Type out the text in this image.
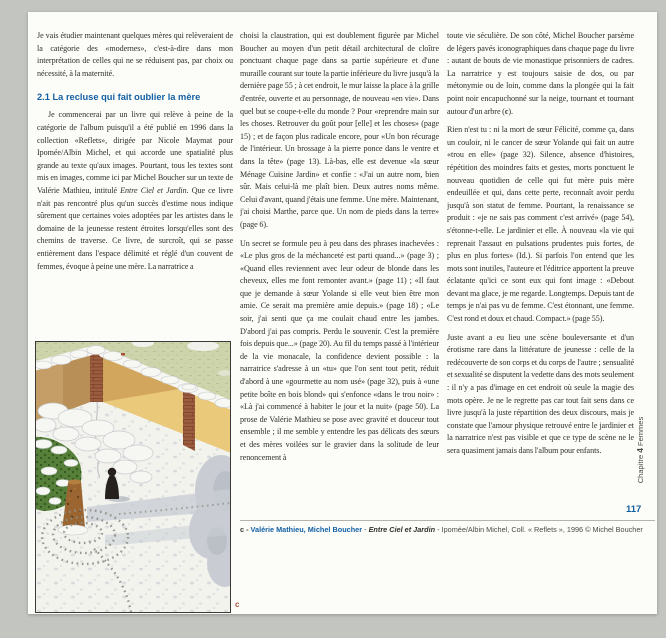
Je vais étudier maintenant quelques mères qui relèveraient de la catégorie des «modernes», c'est-à-dire dans mon interprétation de celles qui ne se réduisent pas, par choix ou nécessité, à la maternité.

2.1 La recluse qui fait oublier la mère

Je commencerai par un livre qui relève à peine de la catégorie de l'album puisqu'il a été publié en 1996 dans la collection «Reflets», dirigée par Nicole Maymat pour Ipomée/Albin Michel, et qui accorde une spatialité plus grande au texte qu'aux images. Pourtant, tous les textes sont mis en images, comme ici par Michel Boucher sur un texte de Valérie Mathieu, intitulé Entre Ciel et Jardin. Que ce livre n'ait pas rencontré plus qu'un succès d'estime nous indique sûrement que certaines voies adoptées par les artistes dans le domaine de la jeunesse restent étroites lorsqu'elles sont des chemins de traverse. Ce livre, de surcroît, qui se passe entièrement dans l'espace délimité et réglé d'un couvent de femmes, évoque à peine une mère. La narratrice a

choisi la claustration, qui est doublement figurée par Michel Boucher au moyen d'un petit détail architectural de cloître ponctuant chaque page dans sa partie supérieure et d'une muraille courant sur toute la partie inférieure du livre jusqu'à la dernière page 55 ; à cet endroit, le mur laisse la place à la grille d'entrée, ouverte et au personnage, de nouveau «en vie». Dans quel but se coupe-t-elle du monde ? Pour «reprendre main sur les choses. Retrouver du goût pour [elle] et les choses» (page 15) ; et de façon plus radicale encore, pour «Un bon récurage de l'intérieur. Un brossage à la pierre ponce dans le ventre et dans la tête» (page 13). Là-bas, elle est devenue «la sœur Ménage Cuisine Jardin» et confie : «J'ai un autre nom, bien sûr. Mais celui-là me plaît bien. Deux autres noms même. Celui d'avant, quand j'étais une femme. Une mère. Maintenant, j'ai choisi Marthe, parce que. Un nom de pieds dans la terre» (page 6).

Un secret se formule peu à peu dans des phrases inachevées : «Le plus gros de la méchanceté est parti quand...» (page 3) ; «Quand elles reviennent avec leur odeur de blonde dans les cheveux, elles me font remonter avant.» (page 11) ; «Il faut que je demande à sœur Yolande si elle veut bien être mon amie. Ce serait ma première amie depuis.» (page 18) ; «Le soir, j'ai senti que ça me coulait chaud entre les jambes. D'abord j'ai pas compris. Perdu le souvenir. C'est la première fois depuis que...» (page 20). Au fil du temps passé à l'intérieur de la vie monacale, la confidence devient possible : la narratrice s'adresse à un «tu» que l'on sent tout petit, réduit d'abord à une «gourmette au nom usé» (page 32), puis à «une petite boîte en bois blond» qui s'enfonce «dans le trou noir» : «Là j'ai commencé à habiter le jour et la nuit» (page 50). La prose de Valérie Mathieu se pose avec gravité et douceur tout ensemble ; il me semble y entendre les pas délicats des sœurs et des mères voilées sur le gravier dans la solitude de leur renoncement à

toute vie séculière. De son côté, Michel Boucher parsème de légers pavés iconographiques dans chaque page du livre : autant de bouts de vie monastique prisonniers de cadres. La narratrice y est toujours saisie de dos, ou par métonymie ou de loin, comme dans la plongée qui la fait point noir encapuchonné sur la neige, tournant et tournant autour d'un arbre (c).

Rien n'est tu : ni la mort de sœur Félicité, comme ça, dans un couloir, ni le cancer de sœur Yolande qui fait un autre «trou en elle» (page 32). Silence, absence d'histoires, répétition des moindres faits et gestes, morts ponctuent le nouveau quotidien de celle qui fut mère puis mère endeuillée et qui, dans cette perte, reconnaît avoir perdu jusqu'à son statut de femme. Pourtant, la renaissance se produit : «je ne sais pas comment c'est arrivé» (page 54), s'étonne-t-elle. Le jardinier et elle. À nouveau «la vie qui reprenait l'assaut en pulsations prudentes puis fortes, de plus en plus fortes» (Id.). Si parfois l'on entend que les mots sont inutiles, l'auteure et l'éditrice apportent la preuve éclatante qu'ici ce sont eux qui font image : «Debout devant ma glace, je me regarde. Longtemps. Depuis tant de temps je n'ai pas vu de femme. C'est étonnant, une femme. C'est rond et doux et chaud. Compact.» (page 55).

Juste avant a eu lieu une scène bouleversante et d'un érotisme rare dans la littérature de jeunesse : celle de la redécouverte de son corps et du corps de l'autre ; sensualité et sexualité se disputent la vedette dans des mots seulement : il n'y a pas d'image en cet endroit où seule la magie des mots opère. Je ne le regrette pas car tout fait sens dans ce livre jusqu'à la juste répartition des deux discours, mais je constate que l'amour physique retrouvé entre le jardinier et la narratrice n'est pas visible et que ce type de scène ne le sera quasiment jamais dans l'album pour enfants.

c
Chapitre 4 Femmes
117
c - Valérie Mathieu, Michel Boucher - Entre Ciel et Jardin - Ipomée/Albin Michel, Coll. « Reflets », 1996 © Michel Boucher
